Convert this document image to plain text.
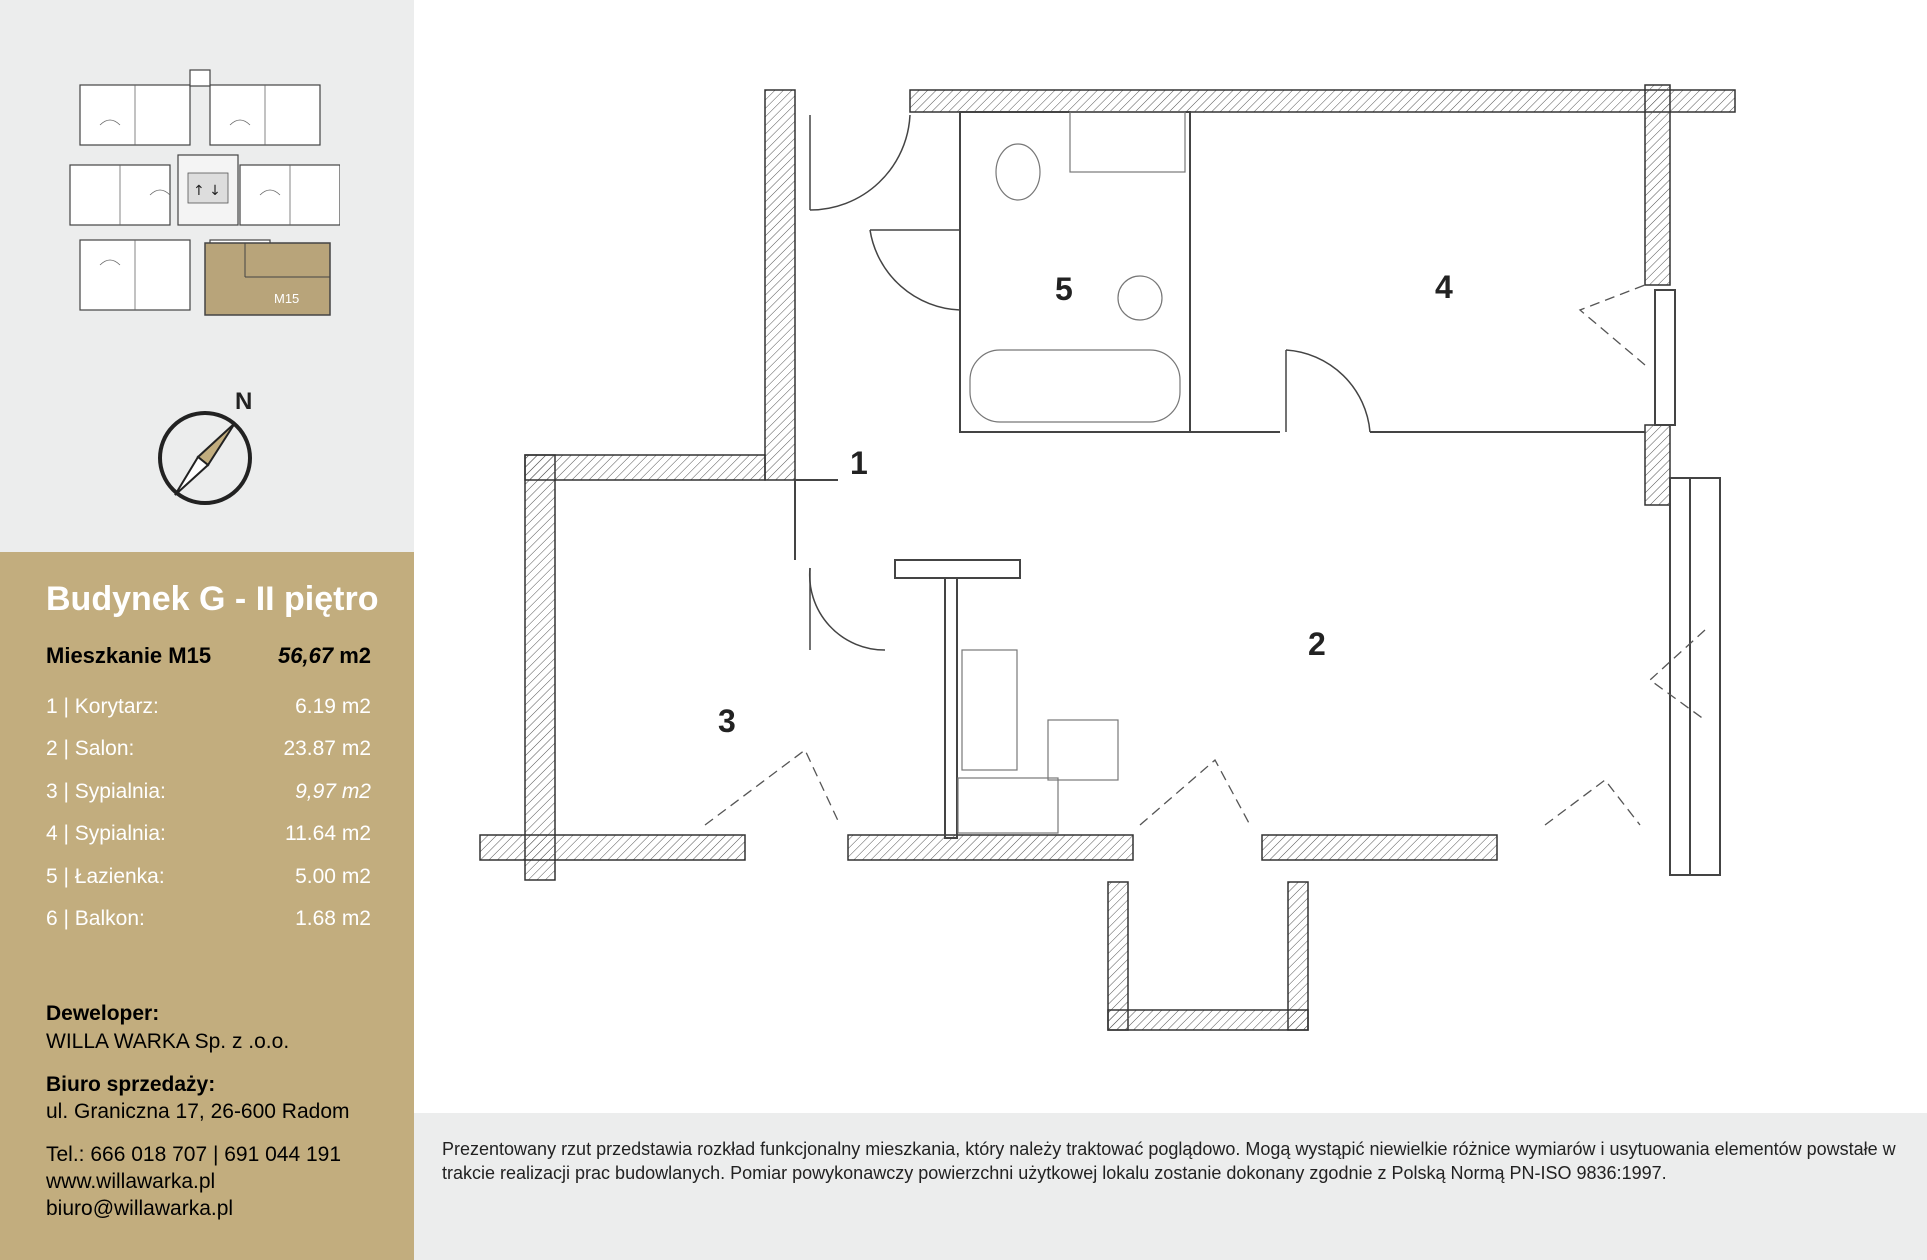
M15
↑ ↓
N
Budynek G - II piętro
Mieszkanie M15	56,67 m2
1 | Korytarz:	6.19 m2
2 | Salon:	23.87 m2
3 | Sypialnia:	9,97 m2
4 | Sypialnia:	11.64 m2
5 | Łazienka:	5.00 m2
6 | Balkon:	1.68 m2
Deweloper:
WILLA WARKA Sp. z .o.o.
Biuro sprzedaży:
ul. Graniczna 17, 26-600 Radom
Tel.: 666 018 707 | 691 044 191
www.willawarka.pl
biuro@willawarka.pl
5	4
1
2
3

Prezentowany rzut przedstawia rozkład funkcjonalny mieszkania, który należy traktować poglądowo. Mogą wystąpić niewielkie różnice wymiarów i usytuowania elementów powstałe w trakcie realizacji prac budowlanych. Pomiar powykonawczy powierzchni użytkowej lokalu zostanie dokonany zgodnie z Polską Normą PN-ISO 9836:1997.
